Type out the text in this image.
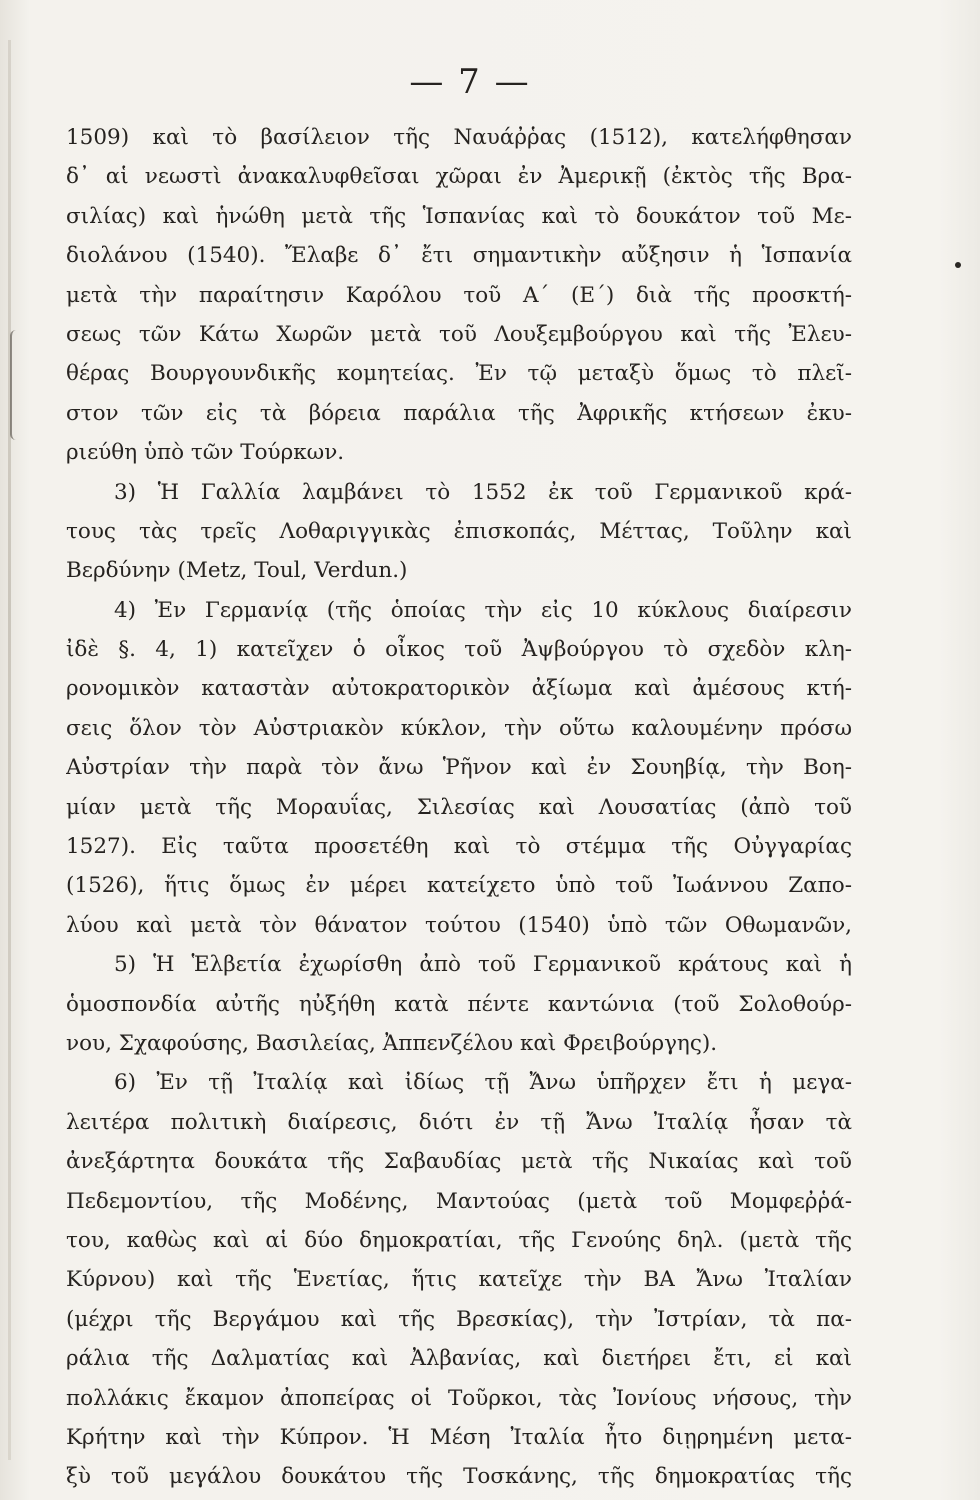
— 7 —
1509) καὶ τὸ βασίλειον τῆς Ναυάῤῥας (1512), κατελήφθησαν
δ᾿ αἱ νεωστὶ ἀνακαλυφθεῖσαι χῶραι ἐν Ἀμερικῇ (ἐκτὸς τῆς Βρα-
σιλίας) καὶ ἡνώθη μετὰ τῆς Ἱσπανίας καὶ τὸ δουκάτον τοῦ Με-
διολάνου (1540). Ἔλαβε δ᾿ ἔτι σημαντικὴν αὔξησιν ἡ Ἱσπανία
μετὰ τὴν παραίτησιν Καρόλου τοῦ Α΄ (Ε΄) διὰ τῆς προσκτή-
σεως τῶν Κάτω Χωρῶν μετὰ τοῦ Λουξεμβούργου καὶ τῆς Ἐλευ-
θέρας Βουργουνδικῆς κομητείας. Ἐν τῷ μεταξὺ ὅμως τὸ πλεῖ-
στον τῶν εἰς τὰ βόρεια παράλια τῆς Ἀφρικῆς κτήσεων ἐκυ-
ριεύθη ὑπὸ τῶν Τούρκων.
3) Ἡ Γαλλία λαμβάνει τὸ 1552 ἐκ τοῦ Γερμανικοῦ κρά-
τους τὰς τρεῖς Λοθαριγγικὰς ἐπισκοπάς, Μέττας, Τοῦλην καὶ
Βερδύνην (Metz, Toul, Verdun.)
4) Ἐν Γερμανίᾳ (τῆς ὁποίας τὴν εἰς 10 κύκλους διαίρεσιν
ἰδὲ §. 4, 1) κατεῖχεν ὁ οἶκος τοῦ Ἀψβούργου τὸ σχεδὸν κλη-
ρονομικὸν καταστὰν αὐτοκρατορικὸν ἀξίωμα καὶ ἀμέσους κτή-
σεις ὅλον τὸν Αὐστριακὸν κύκλον, τὴν οὕτω καλουμένην πρόσω
Αὐστρίαν τὴν παρὰ τὸν ἄνω Ῥῆνον καὶ ἐν Σουηβίᾳ, τὴν Βοη-
μίαν μετὰ τῆς Μοραυΐας, Σιλεσίας καὶ Λουσατίας (ἀπὸ τοῦ
1527). Εἰς ταῦτα προσετέθη καὶ τὸ στέμμα τῆς Οὐγγαρίας
(1526), ἥτις ὅμως ἐν μέρει κατείχετο ὑπὸ τοῦ Ἰωάννου Ζαπο-
λύου καὶ μετὰ τὸν θάνατον τούτου (1540) ὑπὸ τῶν Οθωμανῶν,
5) Ἡ Ἑλβετία ἐχωρίσθη ἀπὸ τοῦ Γερμανικοῦ κράτους καὶ ἡ
ὁμοσπονδία αὐτῆς ηὐξήθη κατὰ πέντε καντώνια (τοῦ Σολοθούρ-
νου, Σχαφούσης, Βασιλείας, Ἀππενζέλου καὶ Φρειβούργης).
6) Ἐν τῇ Ἰταλίᾳ καὶ ἰδίως τῇ Ἄνω ὑπῆρχεν ἔτι ἡ μεγα-
λειτέρα πολιτικὴ διαίρεσις, διότι ἐν τῇ Ἄνω Ἰταλίᾳ ἦσαν τὰ
ἀνεξάρτητα δουκάτα τῆς Σαβαυδίας μετὰ τῆς Νικαίας καὶ τοῦ
Πεδεμοντίου, τῆς Μοδένης, Μαντούας (μετὰ τοῦ Μομφεῤῥά-
του, καθὼς καὶ αἱ δύο δημοκρατίαι, τῆς Γενούης δηλ. (μετὰ τῆς
Κύρνου) καὶ τῆς Ἑνετίας, ἥτις κατεῖχε τὴν ΒΑ Ἄνω Ἰταλίαν
(μέχρι τῆς Βεργάμου καὶ τῆς Βρεσκίας), τὴν Ἰστρίαν, τὰ πα-
ράλια τῆς Δαλματίας καὶ Ἀλβανίας, καὶ διετήρει ἔτι, εἰ καὶ
πολλάκις ἔκαμον ἀποπείρας οἱ Τοῦρκοι, τὰς Ἰονίους νήσους, τὴν
Κρήτην καὶ τὴν Κύπρον. Ἡ Μέση Ἰταλία ἦτο διῃρημένη μετα-
ξὺ τοῦ μεγάλου δουκάτου τῆς Τοσκάνης, τῆς δημοκρατίας τῆς
